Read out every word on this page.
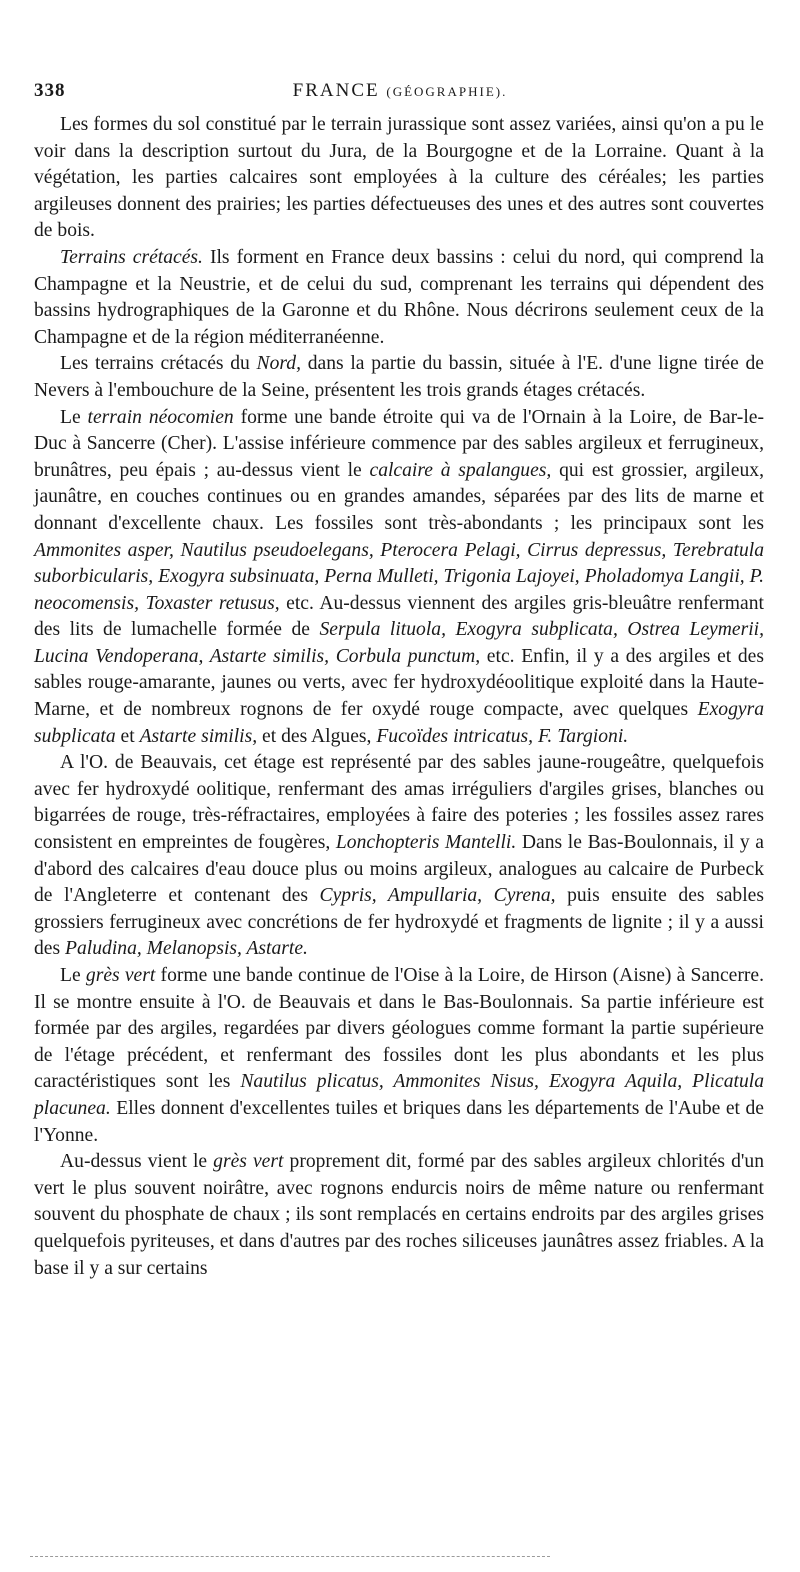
338	FRANCE (GÉOGRAPHIE).

Les formes du sol constitué par le terrain jurassique sont assez variées, ainsi qu'on a pu le voir dans la description surtout du Jura, de la Bourgogne et de la Lorraine. Quant à la végétation, les parties calcaires sont employées à la culture des céréales; les parties argileuses donnent des prairies; les parties défectueuses des unes et des autres sont couvertes de bois.

Terrains crétacés. Ils forment en France deux bassins : celui du nord, qui comprend la Champagne et la Neustrie, et de celui du sud, comprenant les terrains qui dépendent des bassins hydrographiques de la Garonne et du Rhône. Nous décrirons seulement ceux de la Champagne et de la région méditerranéenne.

Les terrains crétacés du Nord, dans la partie du bassin, située à l'E. d'une ligne tirée de Nevers à l'embouchure de la Seine, présentent les trois grands étages crétacés.

Le terrain néocomien forme une bande étroite qui va de l'Ornain à la Loire, de Bar-le-Duc à Sancerre (Cher). L'assise inférieure commence par des sables argileux et ferrugineux, brunâtres, peu épais ; au-dessus vient le calcaire à spalangues, qui est grossier, argileux, jaunâtre, en couches continues ou en grandes amandes, séparées par des lits de marne et donnant d'excellente chaux. Les fossiles sont très-abondants ; les principaux sont les Ammonites asper, Nautilus pseudoelegans, Pterocera Pelagi, Cirrus depressus, Terebratula suborbicularis, Exogyra subsinuata, Perna Mulleti, Trigonia Lajoyei, Pholadomya Langii, P. neocomensis, Toxaster retusus, etc. Au-dessus viennent des argiles gris-bleuâtre renfermant des lits de lumachelle formée de Serpula lituola, Exogyra subplicata, Ostrea Leymerii, Lucina Vendoperana, Astarte similis, Corbula punctum, etc. Enfin, il y a des argiles et des sables rouge-amarante, jaunes ou verts, avec fer hydroxydéoolitique exploité dans la Haute-Marne, et de nombreux rognons de fer oxydé rouge compacte, avec quelques Exogyra subplicata et Astarte similis, et des Algues, Fucoïdes intricatus, F. Targioni.

A l'O. de Beauvais, cet étage est représenté par des sables jaune-rougeâtre, quelquefois avec fer hydroxydé oolitique, renfermant des amas irréguliers d'argiles grises, blanches ou bigarrées de rouge, très-réfractaires, employées à faire des poteries ; les fossiles assez rares consistent en empreintes de fougères, Lonchopteris Mantelli. Dans le Bas-Boulonnais, il y a d'abord des calcaires d'eau douce plus ou moins argileux, analogues au calcaire de Purbeck de l'Angleterre et contenant des Cypris, Ampullaria, Cyrena, puis ensuite des sables grossiers ferrugineux avec concrétions de fer hydroxydé et fragments de lignite ; il y a aussi des Paludina, Melanopsis, Astarte.

Le grès vert forme une bande continue de l'Oise à la Loire, de Hirson (Aisne) à Sancerre. Il se montre ensuite à l'O. de Beauvais et dans le Bas-Boulonnais. Sa partie inférieure est formée par des argiles, regardées par divers géologues comme formant la partie supérieure de l'étage précédent, et renfermant des fossiles dont les plus abondants et les plus caractéristiques sont les Nautilus plicatus, Ammonites Nisus, Exogyra Aquila, Plicatula placunea. Elles donnent d'excellentes tuiles et briques dans les départements de l'Aube et de l'Yonne.

Au-dessus vient le grès vert proprement dit, formé par des sables argileux chlorités d'un vert le plus souvent noirâtre, avec rognons endurcis noirs de même nature ou renfermant souvent du phosphate de chaux ; ils sont remplacés en certains endroits par des argiles grises quelquefois pyriteuses, et dans d'autres par des roches siliceuses jaunâtres assez friables. A la base il y a sur certains
